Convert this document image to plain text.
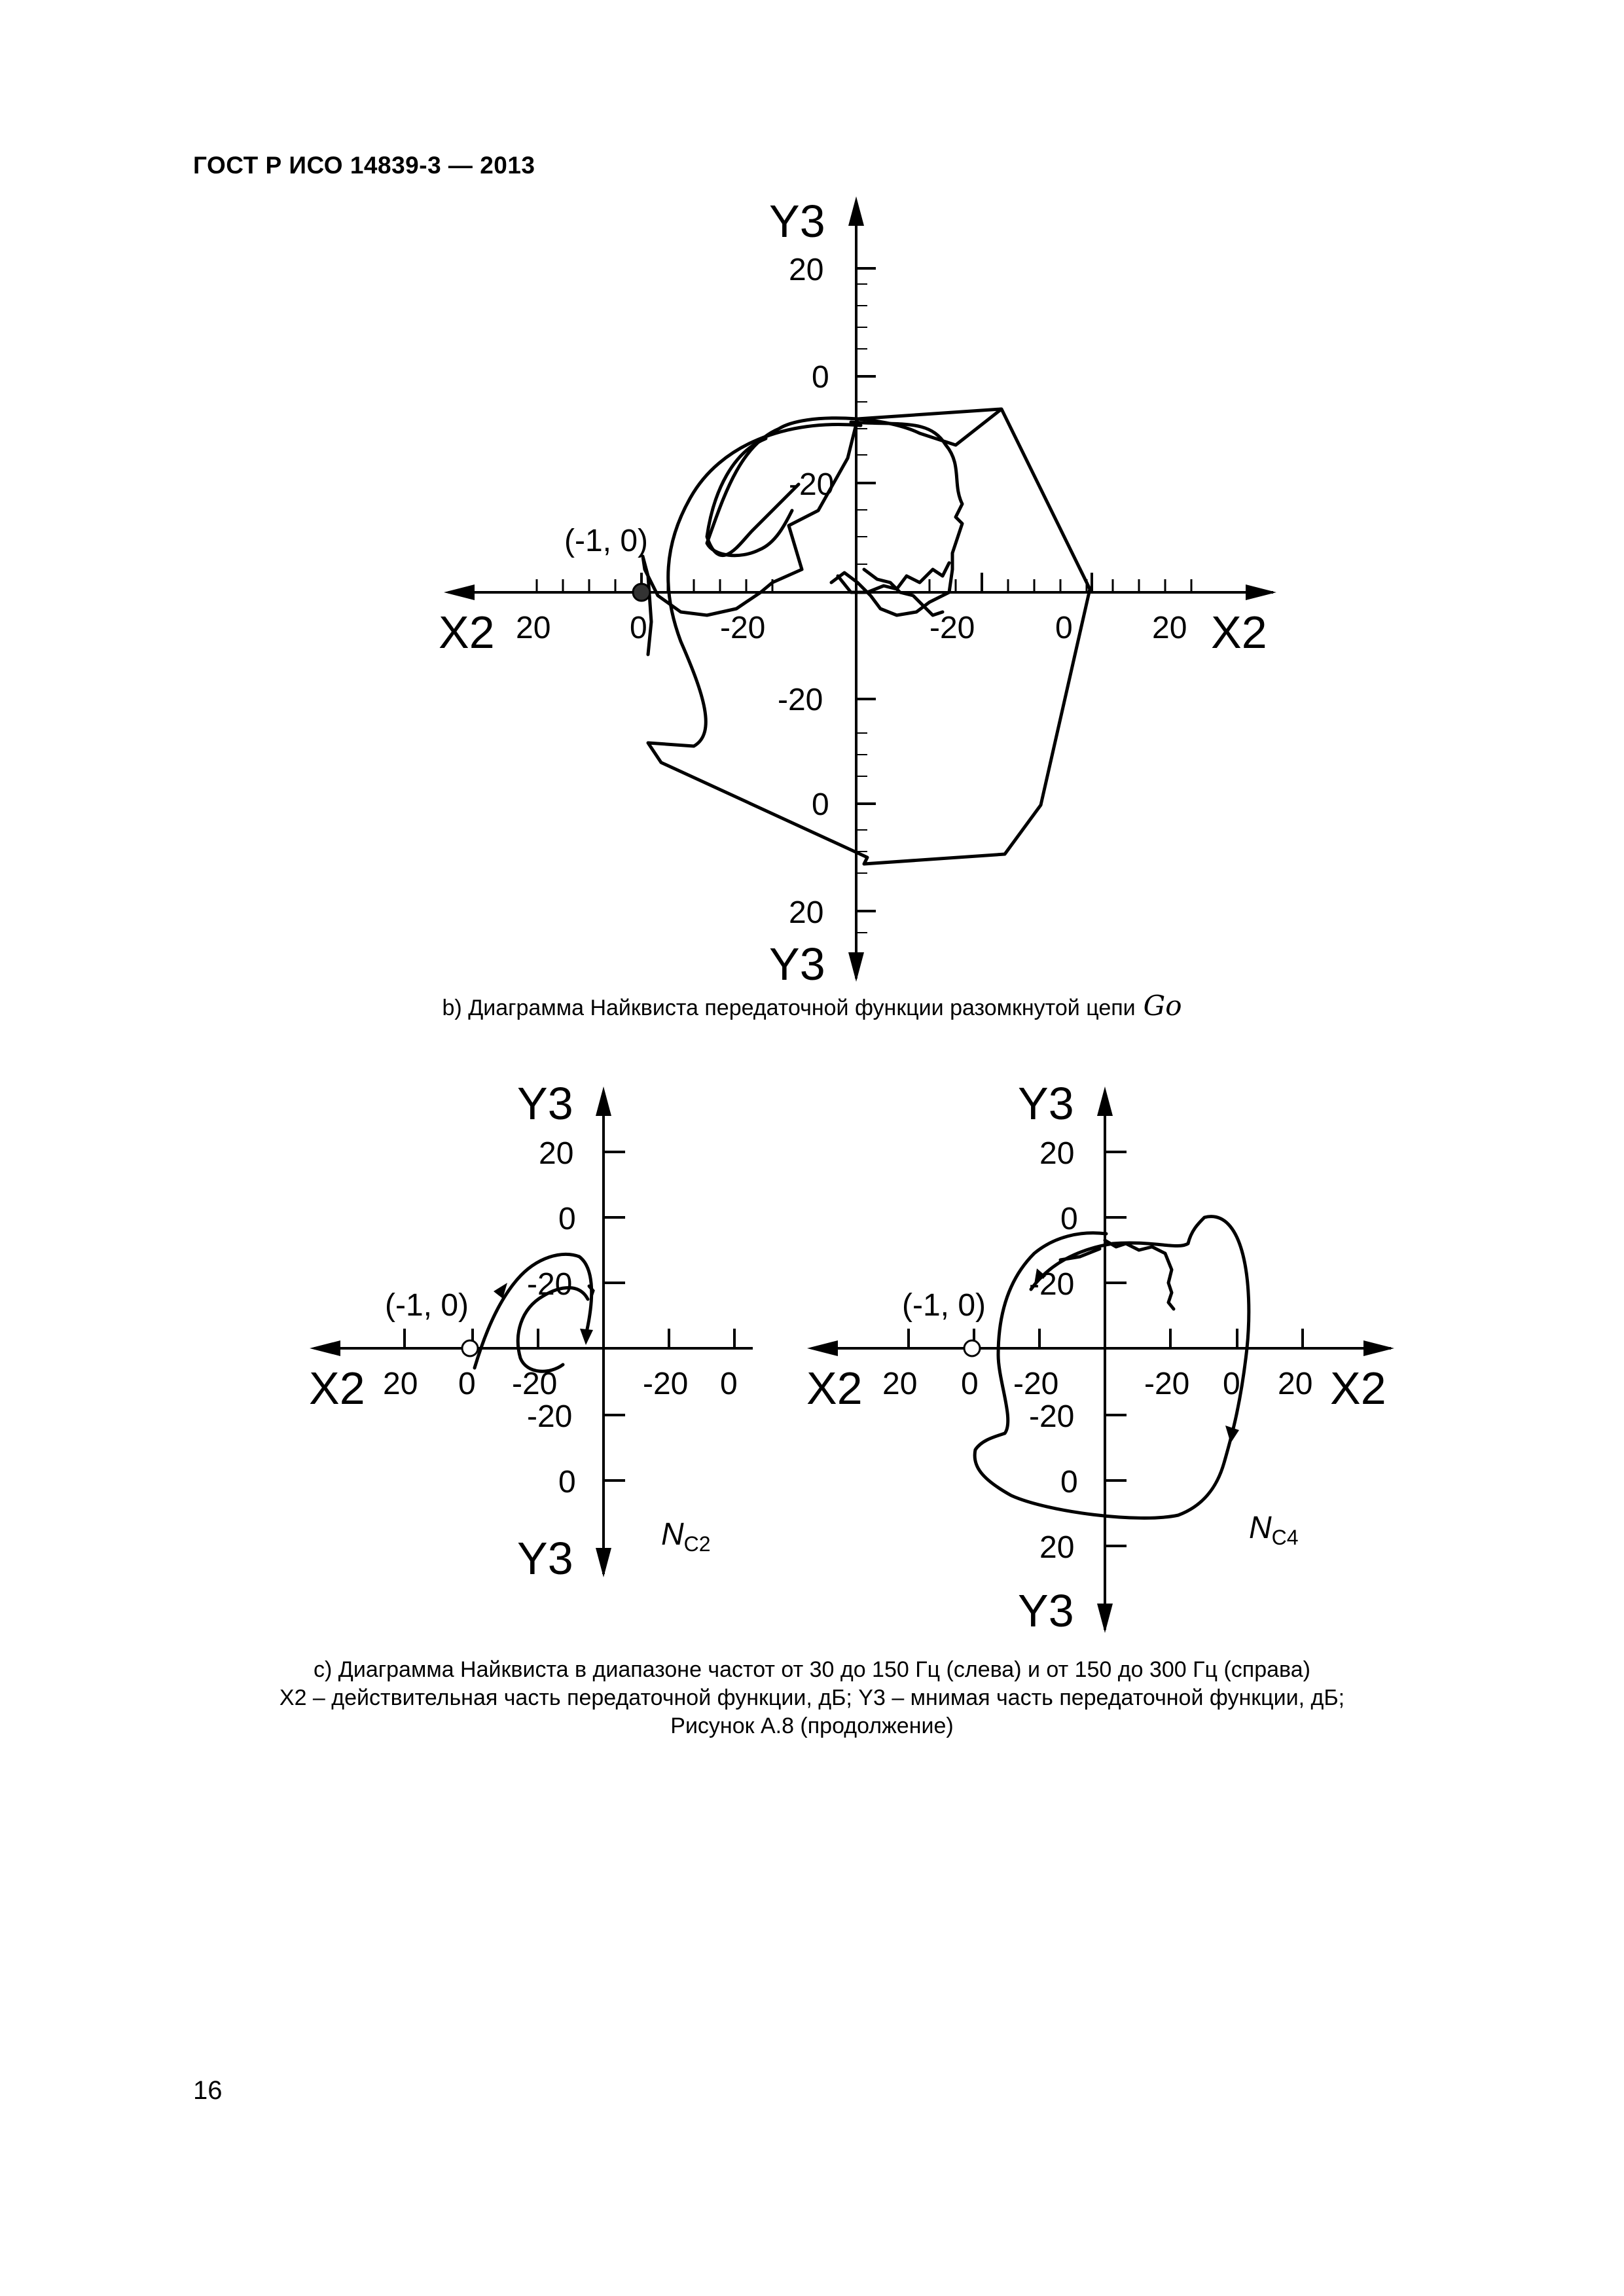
ГОСТ Р ИСО 14839-3 — 2013
(-1, 0)
Y3
Y3
X2	X2
20
0
-20
-20
0
20
20	0 -20	-20	0	20
(-1, 0)
Y3
Y3
X2
20
0
-20
-20
0
20 0 -20	-20 0
$N_{C2}$
(-1, 0)
Y3
Y3
X2	X2
20
0
-20
-20
0
20
20 0 -20	-20 0 20
$N_{C4}$
b) Диаграмма Найквиста передаточной функции разомкнутой цепи Go
c) Диаграмма Найквиста в диапазоне частот от 30 до 150 Гц (слева) и от 150 до 300 Гц (справа)
X2 – действительная часть передаточной функции, дБ; Y3 – мнимая часть передаточной функции, дБ;
Рисунок А.8 (продолжение)
16
